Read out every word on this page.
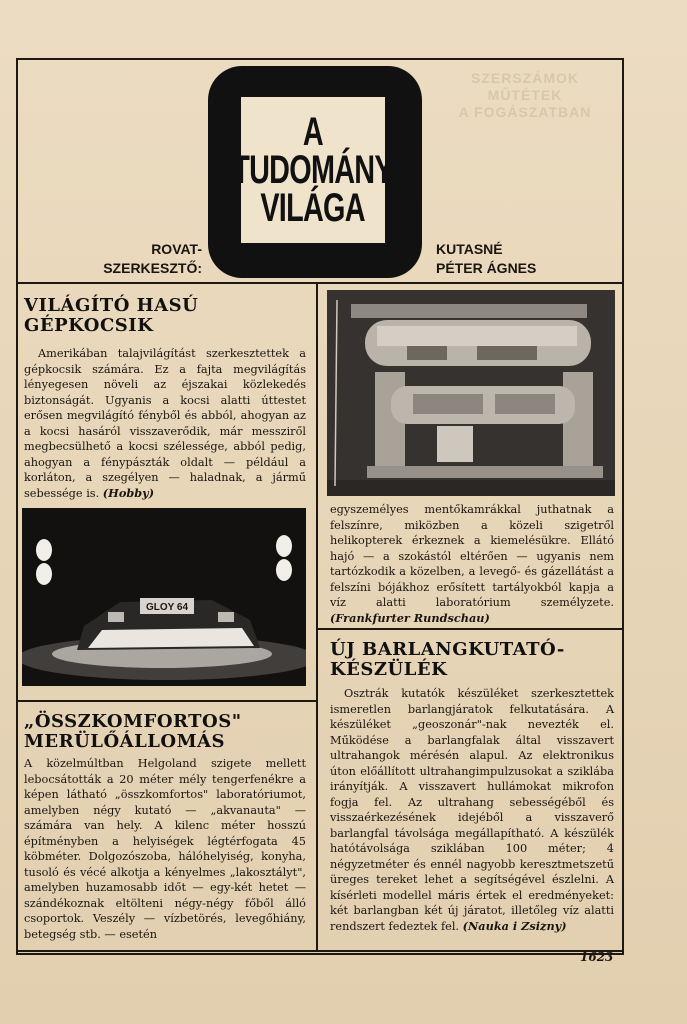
SZERSZÁMOK
MŰTÉTEK
A FOGÁSZATBAN
A
TUDOMÁNY
VILÁGA
ROVAT-
SZERKESZTŐ:
KUTASNÉ
PÉTER ÁGNES
VILÁGÍTÓ HASÚ
GÉPKOCSIK

Amerikában talajvilágítást szerkesztettek a gépkocsik számára. Ez a fajta megvilágítás lényegesen növeli az éjszakai közlekedés biztonságát. Ugyanis a kocsi alatti úttestet erősen megvilágító fényből és abból, ahogyan az a kocsi hasáról visszaverődik, már messziről megbecsülhető a kocsi szélessége, abból pedig, ahogyan a fénypászták oldalt — például a korláton, a szegélyen — haladnak, a jármű sebessége is. (Hobby)

GLOY 64
„ÖSSZKOMFORTOS"
MERÜLŐÁLLOMÁS

A közelmúltban Helgoland szigete mellett lebocsátották a 20 méter mély tengerfenékre a képen látható „összkomfortos" laboratóriumot, amelyben négy kutató — „akvanauta" — számára van hely. A kilenc méter hosszú építményben a helyiségek légtérfogata 45 köbméter. Dolgozószoba, hálóhelyiség, konyha, tusoló és vécé alkotja a kényelmes „lakosztályt", amelyben huzamosabb időt — egy-két hetet — szándékoznak eltölteni négy-négy főből álló csoportok. Veszély — vízbetörés, levegőhiány, betegség stb. — esetén

egyszemélyes mentőkamrákkal juthatnak a felszínre, miközben a közeli szigetről helikopterek érkeznek a kiemelésükre. Ellátó hajó — a szokástól eltérően — ugyanis nem tartózkodik a közelben, a levegő- és gázellátást a felszíni bójákhoz erősített tartályokból kapja a víz alatti laboratórium személyzete. (Frankfurter Rundschau)

ÚJ BARLANGKUTATÓ-
KÉSZÜLÉK

Osztrák kutatók készüléket szerkesztettek ismeretlen barlangjáratok felkutatására. A készüléket „geoszonár"-nak nevezték el. Működése a barlangfalak által visszavert ultrahangok mérésén alapul. Az elektronikus úton előállított ultrahangimpulzusokat a sziklába irányítják. A visszavert hullámokat mikrofon fogja fel. Az ultrahang sebességéből és visszaérkezésének idejéből a visszaverő barlangfal távolsága megállapítható. A készülék hatótávolsága sziklában 100 méter; 4 négyzetméter és ennél nagyobb keresztmetszetű üreges tereket lehet a segítségével észlelni. A kísérleti modellel máris értek el eredményeket: két barlangban két új járatot, illetőleg víz alatti rendszert fedeztek fel. (Nauka i Zsizny)

1623
